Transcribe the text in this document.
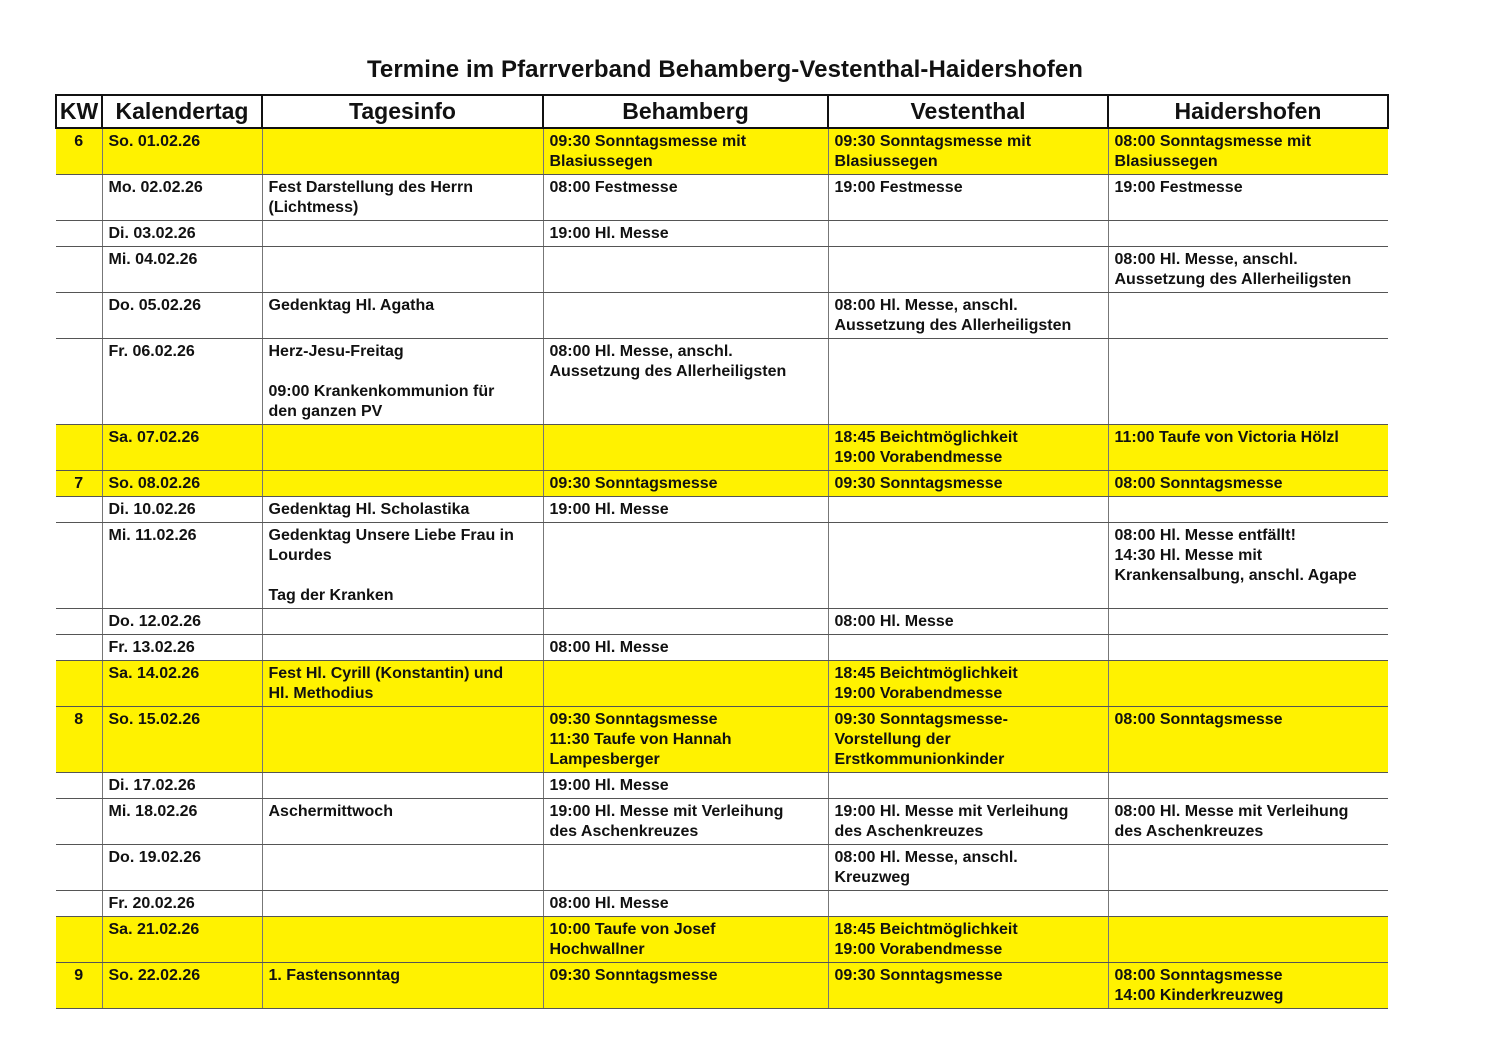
Termine im Pfarrverband Behamberg-Vestenthal-Haidershofen
KW	Kalendertag	Tagesinfo	Behamberg	Vestenthal	Haidershofen

6	So. 01.02.26		09:30 Sonntagsmesse mit
Blasiussegen	09:30 Sonntagsmesse mit
Blasiussegen	08:00 Sonntagsmesse mit
Blasiussegen

	Mo. 02.02.26	Fest Darstellung des Herrn
(Lichtmess)	08:00 Festmesse	19:00 Festmesse	19:00 Festmesse

	Di. 03.02.26		19:00 Hl. Messe		

	Mi. 04.02.26				08:00 Hl. Messe, anschl.
Aussetzung des Allerheiligsten

	Do. 05.02.26	Gedenktag Hl. Agatha		08:00 Hl. Messe, anschl.
Aussetzung des Allerheiligsten	

	Fr. 06.02.26	Herz-Jesu-Freitag
09:00 Krankenkommunion für
den ganzen PV	08:00 Hl. Messe, anschl.
Aussetzung des Allerheiligsten		

	Sa. 07.02.26			18:45 Beichtmöglichkeit
19:00 Vorabendmesse	11:00 Taufe von Victoria Hölzl

7	So. 08.02.26		09:30 Sonntagsmesse	09:30 Sonntagsmesse	08:00 Sonntagsmesse

	Di. 10.02.26	Gedenktag Hl. Scholastika	19:00 Hl. Messe		

	Mi. 11.02.26	Gedenktag Unsere Liebe Frau in
Lourdes
Tag der Kranken			08:00 Hl. Messe entfällt!
14:30 Hl. Messe mit
Krankensalbung, anschl. Agape

	Do. 12.02.26			08:00 Hl. Messe	

	Fr. 13.02.26		08:00 Hl. Messe		

	Sa. 14.02.26	Fest Hl. Cyrill (Konstantin) und
Hl. Methodius		18:45 Beichtmöglichkeit
19:00 Vorabendmesse	

8	So. 15.02.26		09:30 Sonntagsmesse
11:30 Taufe von Hannah
Lampesberger	09:30 Sonntagsmesse-
Vorstellung der
Erstkommunionkinder	08:00 Sonntagsmesse

	Di. 17.02.26		19:00 Hl. Messe		

	Mi. 18.02.26	Aschermittwoch	19:00 Hl. Messe mit Verleihung
des Aschenkreuzes	19:00 Hl. Messe mit Verleihung
des Aschenkreuzes	08:00 Hl. Messe mit Verleihung
des Aschenkreuzes

	Do. 19.02.26			08:00 Hl. Messe, anschl.
Kreuzweg	

	Fr. 20.02.26		08:00 Hl. Messe		

	Sa. 21.02.26		10:00 Taufe von Josef
Hochwallner	18:45 Beichtmöglichkeit
19:00 Vorabendmesse	

9	So. 22.02.26	1. Fastensonntag	09:30 Sonntagsmesse	09:30 Sonntagsmesse	08:00 Sonntagsmesse
14:00 Kinderkreuzweg
